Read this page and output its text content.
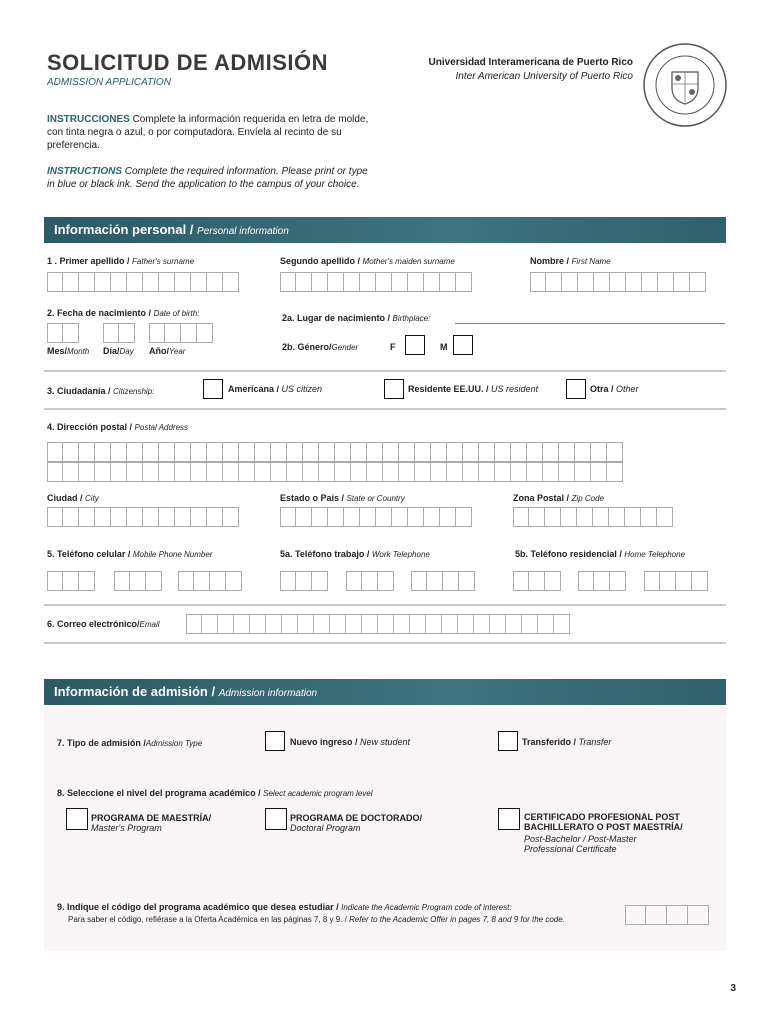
SOLICITUD DE ADMISIÓN
ADMISSION APPLICATION
Universidad Interamericana de Puerto Rico
Inter American University of Puerto Rico
INSTRUCCIONES Complete la información requerida en letra de molde, con tinta negra o azul, o por computadora. Envíela al recinto de su preferencia.
INSTRUCTIONS Complete the required information. Please print or type in blue or black ink. Send the application to the campus of your choice.
Información personal / Personal information
1 . Primer apellido / Father's surname	Segundo apellido / Mother's maiden surname	Nombre / First Name
2. Fecha de nacimiento / Date of birth:
Mes/Month Día/Day Año/Year
2a. Lugar de nacimiento / Birthplace:
2b. Género/Gender	F	M
3. Ciudadanía / Citizenship:	Americana / US citizen	Residente EE.UU. / US resident	Otra / Other
4. Dirección postal / Postal Address
Ciudad / City	Estado o País / State or Country	Zona Postal / Zip Code
5. Teléfono celular / Mobile Phone Number	5a. Teléfono trabajo / Work Telephone	5b. Teléfono residencial / Home Telephone
6. Correo electrónico/Email
Información de admisión / Admission information
7. Tipo de admisión /Admission Type	Nuevo ingreso / New student	Transferido / Transfer
8. Seleccione el nivel del programa académico / Select academic program level
PROGRAMA DE MAESTRÍA/
Master's Program
PROGRAMA DE DOCTORADO/
Doctoral Program
CERTIFICADO PROFESIONAL POST
BACHILLERATO O POST MAESTRÍA/
Post-Bachelor / Post-Master
Professional Certificate
9. Indique el código del programa académico que desea estudiar / Indicate the Academic Program code of interest:
Para saber el código, refiérase a la Oferta Académica en las páginas 7, 8 y 9. / Refer to the Academic Offer in pages 7, 8 and 9 for the code.
3
